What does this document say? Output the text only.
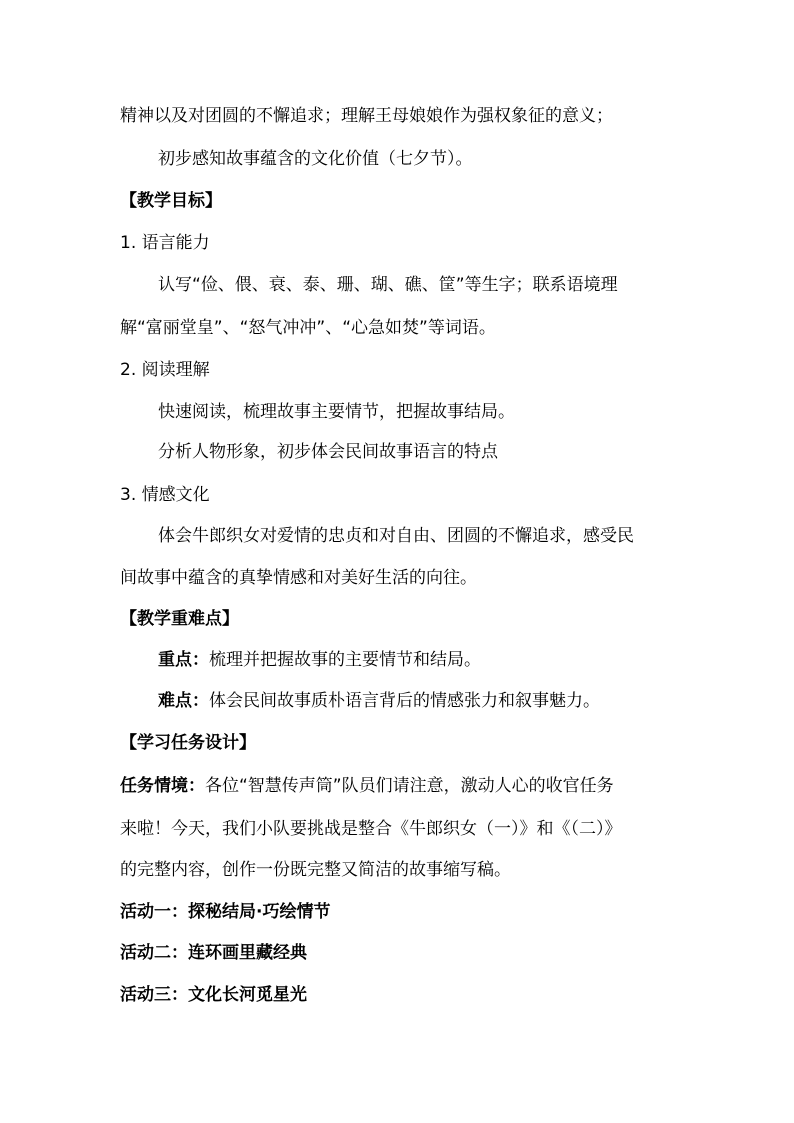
精神以及对团圆的不懈追求；理解王母娘娘作为强权象征的意义；
初步感知故事蕴含的文化价值（七夕节）。
【教学目标】
1. 语言能力
认写“俭、偎、衰、泰、珊、瑚、礁、筐”等生字；联系语境理
解“富丽堂皇”、“怒气冲冲”、“心急如焚”等词语。
2. 阅读理解
快速阅读，梳理故事主要情节，把握故事结局。
分析人物形象，初步体会民间故事语言的特点
3. 情感文化
体会牛郎织女对爱情的忠贞和对自由、团圆的不懈追求，感受民
间故事中蕴含的真挚情感和对美好生活的向往。
【教学重难点】
重点：梳理并把握故事的主要情节和结局。
难点：体会民间故事质朴语言背后的情感张力和叙事魅力。
【学习任务设计】
任务情境：各位“智慧传声筒”队员们请注意，激动人心的收官任务
来啦！今天，我们小队要挑战是整合《牛郎织女（一）》和《（二）》
的完整内容，创作一份既完整又简洁的故事缩写稿。
活动一：探秘结局·巧绘情节
活动二：连环画里藏经典
活动三：文化长河觅星光
